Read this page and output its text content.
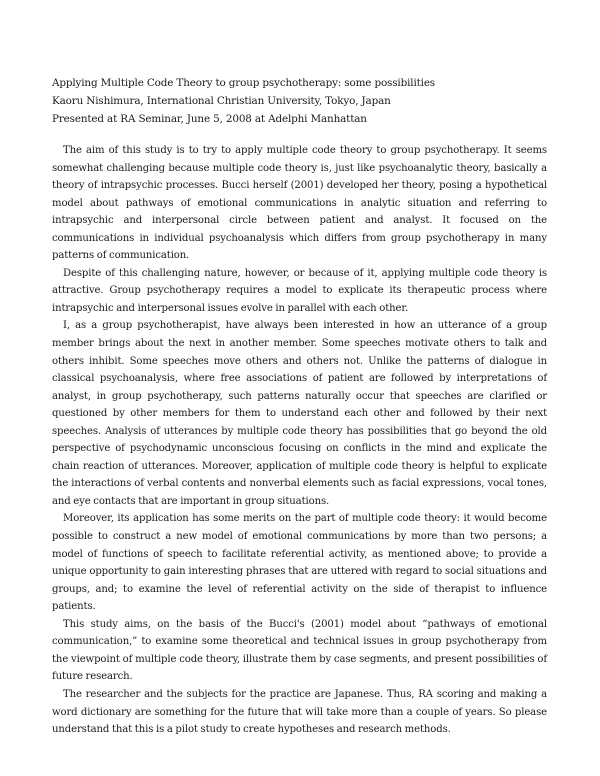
Applying Multiple Code Theory to group psychotherapy: some possibilities
Kaoru Nishimura, International Christian University, Tokyo, Japan
Presented at RA Seminar, June 5, 2008 at Adelphi Manhattan

The aim of this study is to try to apply multiple code theory to group psychotherapy. It seems somewhat challenging because multiple code theory is, just like psychoanalytic theory, basically a theory of intrapsychic processes. Bucci herself (2001) developed her theory, posing a hypothetical model about pathways of emotional communications in analytic situation and referring to intrapsychic and interpersonal circle between patient and analyst. It focused on the communications in individual psychoanalysis which differs from group psychotherapy in many patterns of communication.

Despite of this challenging nature, however, or because of it, applying multiple code theory is attractive. Group psychotherapy requires a model to explicate its therapeutic process where intrapsychic and interpersonal issues evolve in parallel with each other.

I, as a group psychotherapist, have always been interested in how an utterance of a group member brings about the next in another member. Some speeches motivate others to talk and others inhibit. Some speeches move others and others not. Unlike the patterns of dialogue in classical psychoanalysis, where free associations of patient are followed by interpretations of analyst, in group psychotherapy, such patterns naturally occur that speeches are clarified or questioned by other members for them to understand each other and followed by their next speeches. Analysis of utterances by multiple code theory has possibilities that go beyond the old perspective of psychodynamic unconscious focusing on conflicts in the mind and explicate the chain reaction of utterances. Moreover, application of multiple code theory is helpful to explicate the interactions of verbal contents and nonverbal elements such as facial expressions, vocal tones, and eye contacts that are important in group situations.

Moreover, its application has some merits on the part of multiple code theory: it would become possible to construct a new model of emotional communications by more than two persons; a model of functions of speech to facilitate referential activity, as mentioned above; to provide a unique opportunity to gain interesting phrases that are uttered with regard to social situations and groups, and; to examine the level of referential activity on the side of therapist to influence patients.

This study aims, on the basis of the Bucci's (2001) model about “pathways of emotional communication,” to examine some theoretical and technical issues in group psychotherapy from the viewpoint of multiple code theory, illustrate them by case segments, and present possibilities of future research.

The researcher and the subjects for the practice are Japanese. Thus, RA scoring and making a word dictionary are something for the future that will take more than a couple of years. So please understand that this is a pilot study to create hypotheses and research methods.
